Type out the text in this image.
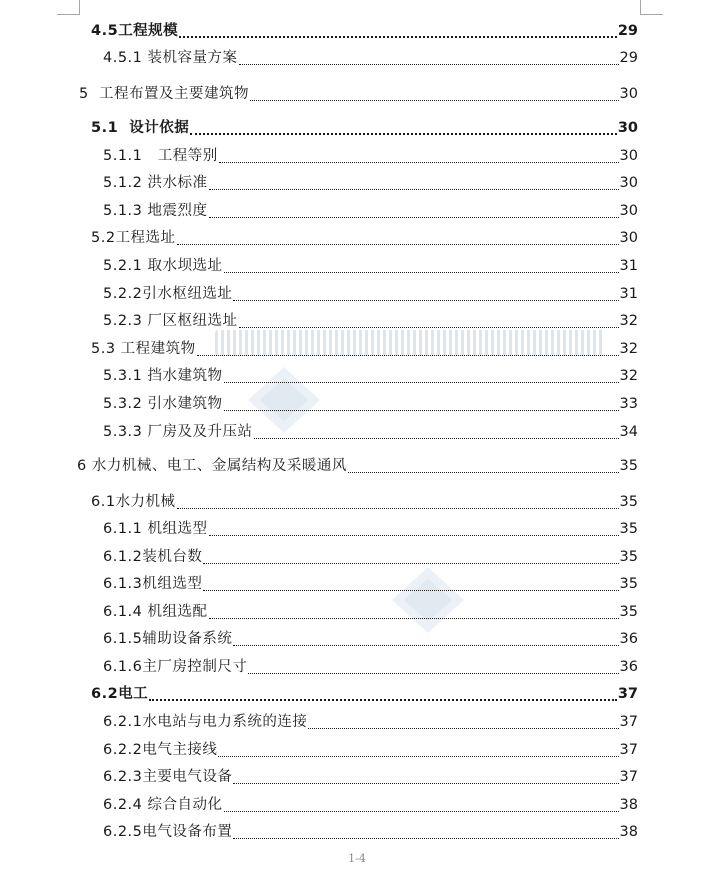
4.5工程规模	29
4.5.1 装机容量方案	29
5  工程布置及主要建筑物	30
5.1  设计依据	30
5.1.1   工程等别	30
5.1.2 洪水标准	30
5.1.3 地震烈度	30
5.2工程选址	30
5.2.1 取水坝选址	31
5.2.2引水枢纽选址	31
5.2.3 厂区枢纽选址	32
5.3 工程建筑物	32
5.3.1 挡水建筑物	32
5.3.2 引水建筑物	33
5.3.3 厂房及及升压站	34
6 水力机械、电工、金属结构及采暖通风	35
6.1水力机械	35
6.1.1 机组选型	35
6.1.2装机台数	35
6.1.3机组选型	35
6.1.4 机组选配	35
6.1.5辅助设备系统	36
6.1.6主厂房控制尺寸	36
6.2电工	37
6.2.1水电站与电力系统的连接	37
6.2.2电气主接线	37
6.2.3主要电气设备	37
6.2.4 综合自动化	38
6.2.5电气设备布置	38
1-4
